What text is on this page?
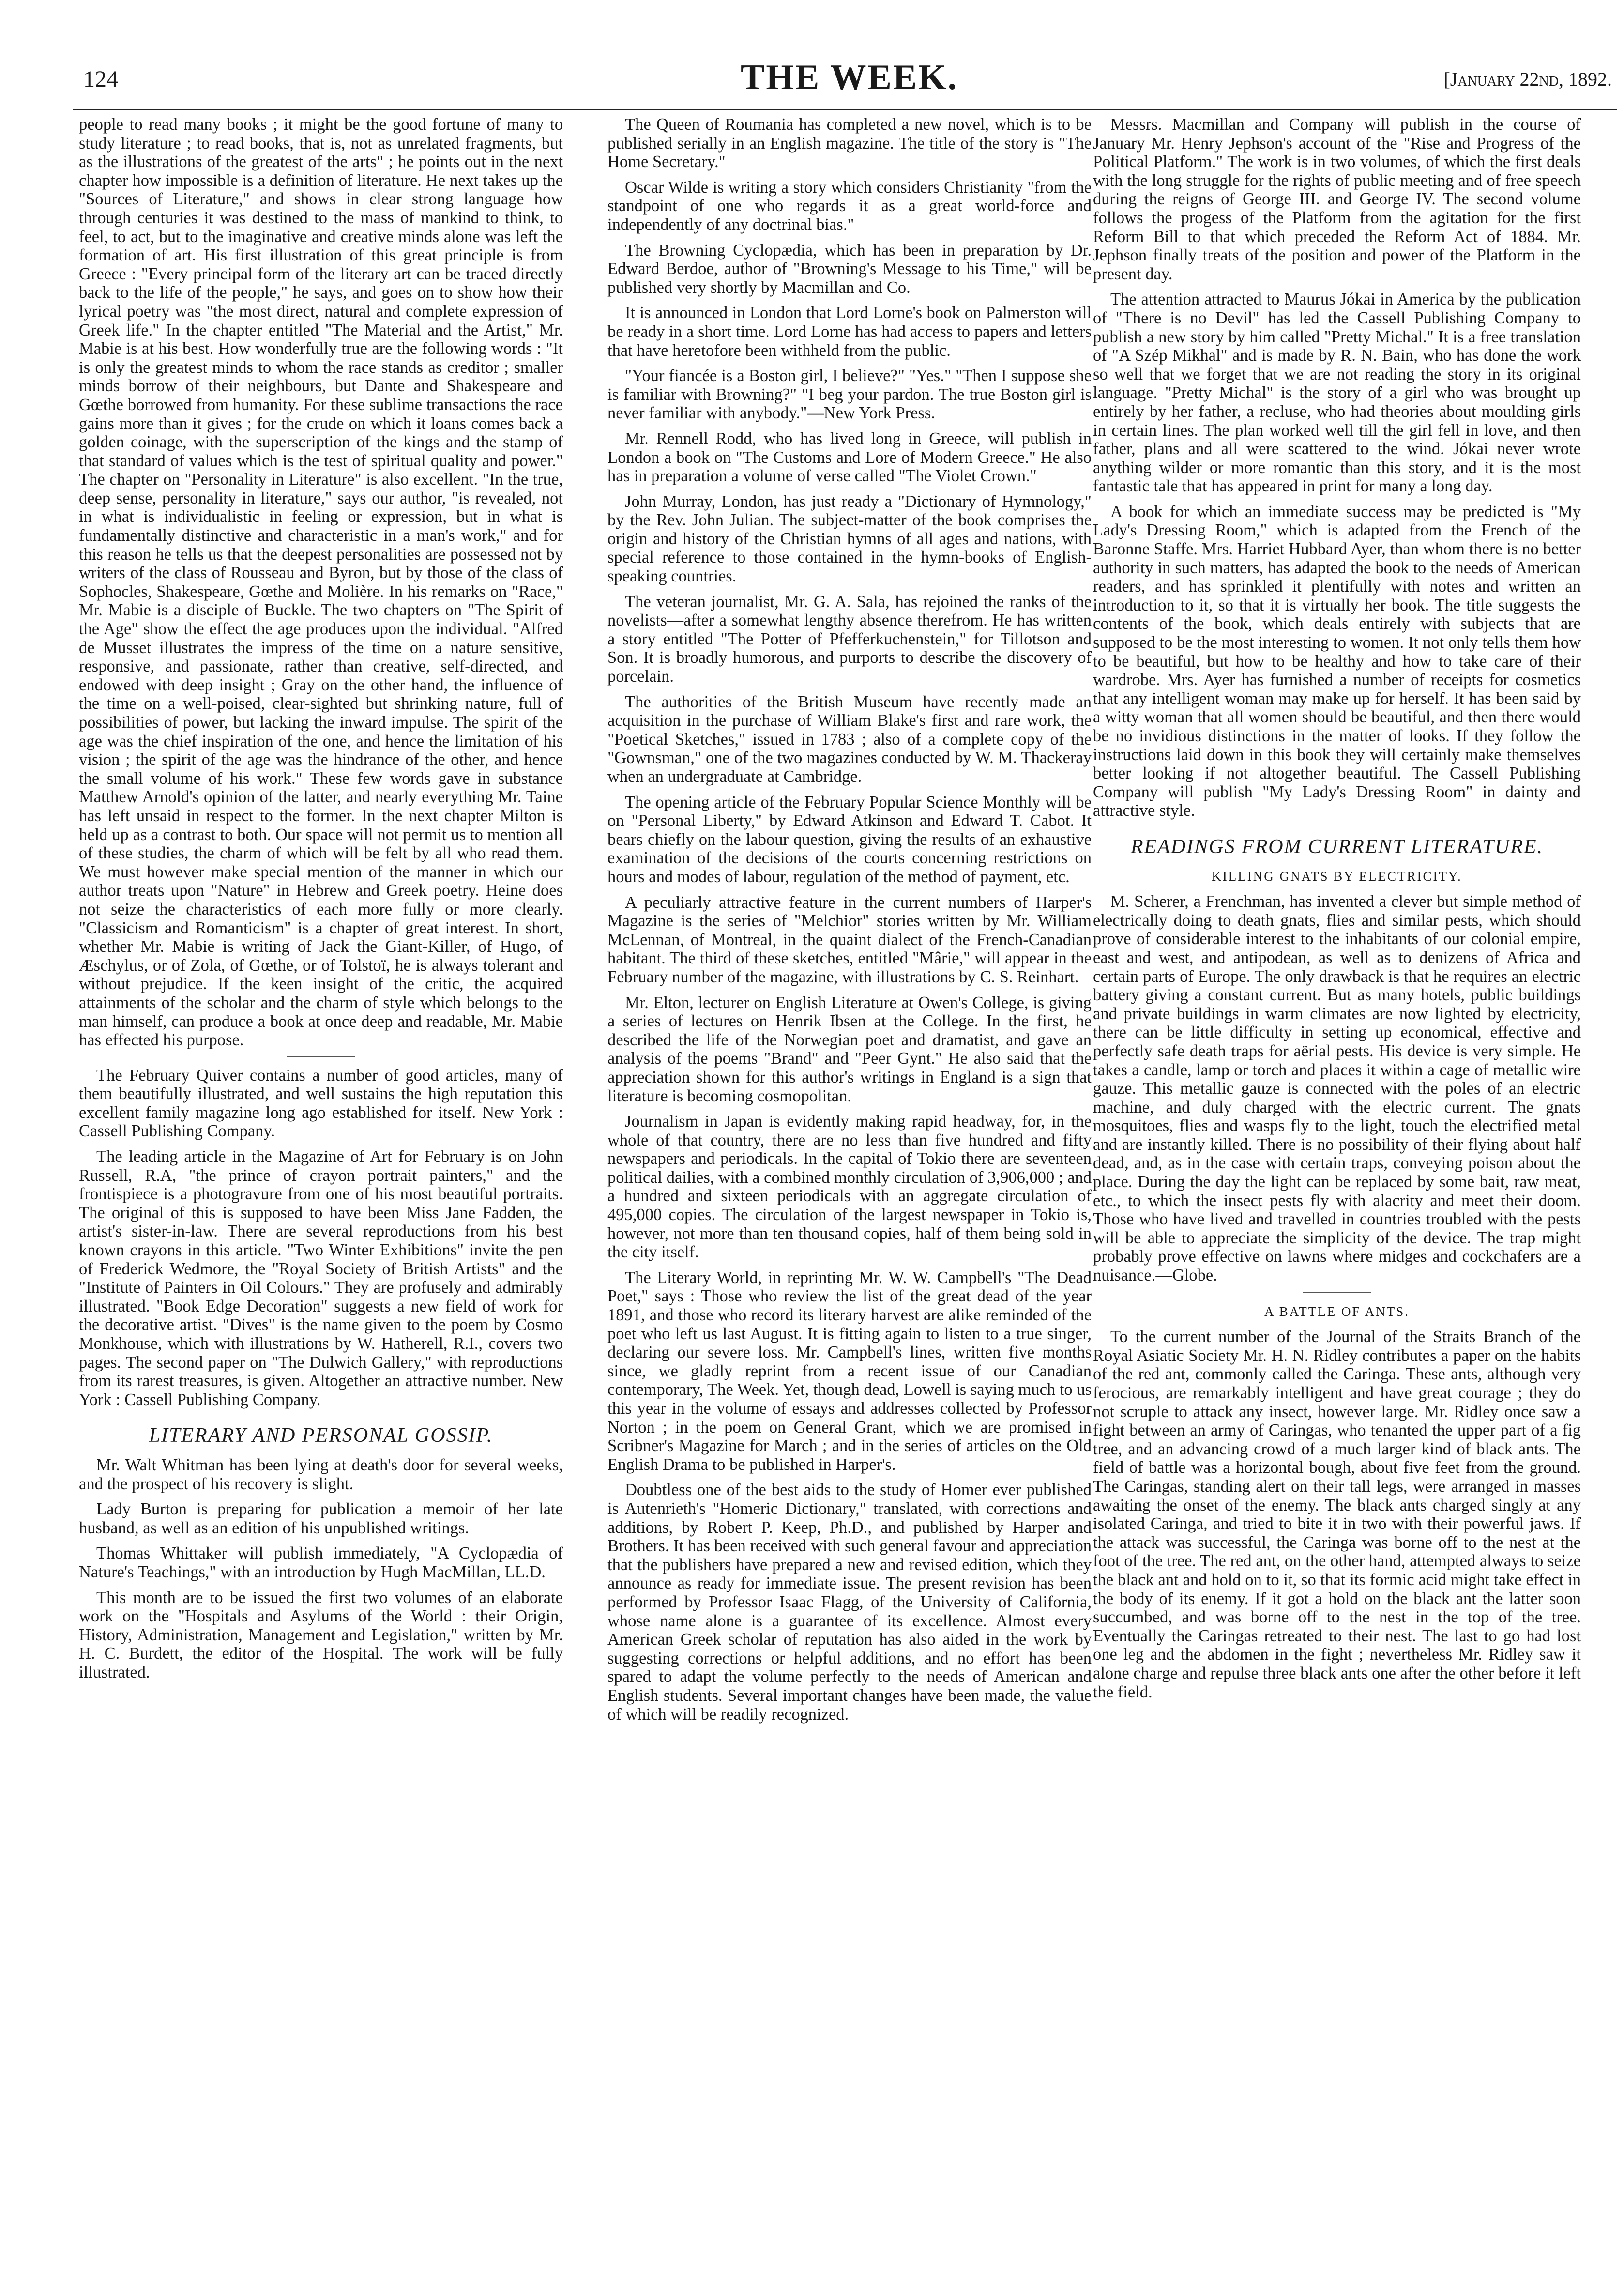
124	THE WEEK.	[January 22nd, 1892.

people to read many books ; it might be the good fortune of many to study literature ; to read books, that is, not as unrelated fragments, but as the illustrations of the greatest of the arts" ; he points out in the next chapter how impossible is a definition of literature. He next takes up the "Sources of Literature," and shows in clear strong language how through centuries it was destined to the mass of mankind to think, to feel, to act, but to the imaginative and creative minds alone was left the formation of art. His first illustration of this great principle is from Greece : "Every principal form of the literary art can be traced directly back to the life of the people," he says, and goes on to show how their lyrical poetry was "the most direct, natural and complete expression of Greek life." In the chapter entitled "The Material and the Artist," Mr. Mabie is at his best. How wonderfully true are the following words : "It is only the greatest minds to whom the race stands as creditor ; smaller minds borrow of their neighbours, but Dante and Shakespeare and Gœthe borrowed from humanity. For these sublime transactions the race gains more than it gives ; for the crude on which it loans comes back a golden coinage, with the superscription of the kings and the stamp of that standard of values which is the test of spiritual quality and power." The chapter on "Personality in Literature" is also excellent. "In the true, deep sense, personality in literature," says our author, "is revealed, not in what is individualistic in feeling or expression, but in what is fundamentally distinctive and characteristic in a man's work," and for this reason he tells us that the deepest personalities are possessed not by writers of the class of Rousseau and Byron, but by those of the class of Sophocles, Shakespeare, Gœthe and Molière. In his remarks on "Race," Mr. Mabie is a disciple of Buckle. The two chapters on "The Spirit of the Age" show the effect the age produces upon the individual. "Alfred de Musset illustrates the impress of the time on a nature sensitive, responsive, and passionate, rather than creative, self-directed, and endowed with deep insight ; Gray on the other hand, the influence of the time on a well-poised, clear-sighted but shrinking nature, full of possibilities of power, but lacking the inward impulse. The spirit of the age was the chief inspiration of the one, and hence the limitation of his vision ; the spirit of the age was the hindrance of the other, and hence the small volume of his work." These few words gave in substance Matthew Arnold's opinion of the latter, and nearly everything Mr. Taine has left unsaid in respect to the former. In the next chapter Milton is held up as a contrast to both. Our space will not permit us to mention all of these studies, the charm of which will be felt by all who read them. We must however make special mention of the manner in which our author treats upon "Nature" in Hebrew and Greek poetry. Heine does not seize the characteristics of each more fully or more clearly. "Classicism and Romanticism" is a chapter of great interest. In short, whether Mr. Mabie is writing of Jack the Giant-Killer, of Hugo, of Æschylus, or of Zola, of Gœthe, or of Tolstoï, he is always tolerant and without prejudice. If the keen insight of the critic, the acquired attainments of the scholar and the charm of style which belongs to the man himself, can produce a book at once deep and readable, Mr. Mabie has effected his purpose.

The February Quiver contains a number of good articles, many of them beautifully illustrated, and well sustains the high reputation this excellent family magazine long ago established for itself. New York : Cassell Publishing Company.

The leading article in the Magazine of Art for February is on John Russell, R.A, "the prince of crayon portrait painters," and the frontispiece is a photogravure from one of his most beautiful portraits. The original of this is supposed to have been Miss Jane Fadden, the artist's sister-in-law. There are several reproductions from his best known crayons in this article. "Two Winter Exhibitions" invite the pen of Frederick Wedmore, the "Royal Society of British Artists" and the "Institute of Painters in Oil Colours." They are profusely and admirably illustrated. "Book Edge Decoration" suggests a new field of work for the decorative artist. "Dives" is the name given to the poem by Cosmo Monkhouse, which with illustrations by W. Hatherell, R.I., covers two pages. The second paper on "The Dulwich Gallery," with reproductions from its rarest treasures, is given. Altogether an attractive number. New York : Cassell Publishing Company.

LITERARY AND PERSONAL GOSSIP.

Mr. Walt Whitman has been lying at death's door for several weeks, and the prospect of his recovery is slight.

Lady Burton is preparing for publication a memoir of her late husband, as well as an edition of his unpublished writings.

Thomas Whittaker will publish immediately, "A Cyclopædia of Nature's Teachings," with an introduction by Hugh MacMillan, LL.D.

This month are to be issued the first two volumes of an elaborate work on the "Hospitals and Asylums of the World : their Origin, History, Administration, Management and Legislation," written by Mr. H. C. Burdett, the editor of the Hospital. The work will be fully illustrated.

The Queen of Roumania has completed a new novel, which is to be published serially in an English magazine. The title of the story is "The Home Secretary."

Oscar Wilde is writing a story which considers Christianity "from the standpoint of one who regards it as a great world-force and independently of any doctrinal bias."

The Browning Cyclopædia, which has been in preparation by Dr. Edward Berdoe, author of "Browning's Message to his Time," will be published very shortly by Macmillan and Co.

It is announced in London that Lord Lorne's book on Palmerston will be ready in a short time. Lord Lorne has had access to papers and letters that have heretofore been withheld from the public.

"Your fiancée is a Boston girl, I believe?" "Yes." "Then I suppose she is familiar with Browning?" "I beg your pardon. The true Boston girl is never familiar with anybody."—New York Press.

Mr. Rennell Rodd, who has lived long in Greece, will publish in London a book on "The Customs and Lore of Modern Greece." He also has in preparation a volume of verse called "The Violet Crown."

John Murray, London, has just ready a "Dictionary of Hymnology," by the Rev. John Julian. The subject-matter of the book comprises the origin and history of the Christian hymns of all ages and nations, with special reference to those contained in the hymn-books of English-speaking countries.

The veteran journalist, Mr. G. A. Sala, has rejoined the ranks of the novelists—after a somewhat lengthy absence therefrom. He has written a story entitled "The Potter of Pfefferkuchenstein," for Tillotson and Son. It is broadly humorous, and purports to describe the discovery of porcelain.

The authorities of the British Museum have recently made an acquisition in the purchase of William Blake's first and rare work, the "Poetical Sketches," issued in 1783 ; also of a complete copy of the "Gownsman," one of the two magazines conducted by W. M. Thackeray when an undergraduate at Cambridge.

The opening article of the February Popular Science Monthly will be on "Personal Liberty," by Edward Atkinson and Edward T. Cabot. It bears chiefly on the labour question, giving the results of an exhaustive examination of the decisions of the courts concerning restrictions on hours and modes of labour, regulation of the method of payment, etc.

A peculiarly attractive feature in the current numbers of Harper's Magazine is the series of "Melchior" stories written by Mr. William McLennan, of Montreal, in the quaint dialect of the French-Canadian habitant. The third of these sketches, entitled "Mârie," will appear in the February number of the magazine, with illustrations by C. S. Reinhart.

Mr. Elton, lecturer on English Literature at Owen's College, is giving a series of lectures on Henrik Ibsen at the College. In the first, he described the life of the Norwegian poet and dramatist, and gave an analysis of the poems "Brand" and "Peer Gynt." He also said that the appreciation shown for this author's writings in England is a sign that literature is becoming cosmopolitan.

Journalism in Japan is evidently making rapid headway, for, in the whole of that country, there are no less than five hundred and fifty newspapers and periodicals. In the capital of Tokio there are seventeen political dailies, with a combined monthly circulation of 3,906,000 ; and a hundred and sixteen periodicals with an aggregate circulation of 495,000 copies. The circulation of the largest newspaper in Tokio is, however, not more than ten thousand copies, half of them being sold in the city itself.

The Literary World, in reprinting Mr. W. W. Campbell's "The Dead Poet," says : Those who review the list of the great dead of the year 1891, and those who record its literary harvest are alike reminded of the poet who left us last August. It is fitting again to listen to a true singer, declaring our severe loss. Mr. Campbell's lines, written five months since, we gladly reprint from a recent issue of our Canadian contemporary, The Week. Yet, though dead, Lowell is saying much to us this year in the volume of essays and addresses collected by Professor Norton ; in the poem on General Grant, which we are promised in Scribner's Magazine for March ; and in the series of articles on the Old English Drama to be published in Harper's.

Doubtless one of the best aids to the study of Homer ever published is Autenrieth's "Homeric Dictionary," translated, with corrections and additions, by Robert P. Keep, Ph.D., and published by Harper and Brothers. It has been received with such general favour and appreciation that the publishers have prepared a new and revised edition, which they announce as ready for immediate issue. The present revision has been performed by Professor Isaac Flagg, of the University of California, whose name alone is a guarantee of its excellence. Almost every American Greek scholar of reputation has also aided in the work by suggesting corrections or helpful additions, and no effort has been spared to adapt the volume perfectly to the needs of American and English students. Several important changes have been made, the value of which will be readily recognized.

Messrs. Macmillan and Company will publish in the course of January Mr. Henry Jephson's account of the "Rise and Progress of the Political Platform." The work is in two volumes, of which the first deals with the long struggle for the rights of public meeting and of free speech during the reigns of George III. and George IV. The second volume follows the progess of the Platform from the agitation for the first Reform Bill to that which preceded the Reform Act of 1884. Mr. Jephson finally treats of the position and power of the Platform in the present day.

The attention attracted to Maurus Jókai in America by the publication of "There is no Devil" has led the Cassell Publishing Company to publish a new story by him called "Pretty Michal." It is a free translation of "A Szép Mikhal" and is made by R. N. Bain, who has done the work so well that we forget that we are not reading the story in its original language. "Pretty Michal" is the story of a girl who was brought up entirely by her father, a recluse, who had theories about moulding girls in certain lines. The plan worked well till the girl fell in love, and then father, plans and all were scattered to the wind. Jókai never wrote anything wilder or more romantic than this story, and it is the most fantastic tale that has appeared in print for many a long day.

A book for which an immediate success may be predicted is "My Lady's Dressing Room," which is adapted from the French of the Baronne Staffe. Mrs. Harriet Hubbard Ayer, than whom there is no better authority in such matters, has adapted the book to the needs of American readers, and has sprinkled it plentifully with notes and written an introduction to it, so that it is virtually her book. The title suggests the contents of the book, which deals entirely with subjects that are supposed to be the most interesting to women. It not only tells them how to be beautiful, but how to be healthy and how to take care of their wardrobe. Mrs. Ayer has furnished a number of receipts for cosmetics that any intelligent woman may make up for herself. It has been said by a witty woman that all women should be beautiful, and then there would be no invidious distinctions in the matter of looks. If they follow the instructions laid down in this book they will certainly make themselves better looking if not altogether beautiful. The Cassell Publishing Company will publish "My Lady's Dressing Room" in dainty and attractive style.

READINGS FROM CURRENT LITERATURE.
KILLING GNATS BY ELECTRICITY.

M. Scherer, a Frenchman, has invented a clever but simple method of electrically doing to death gnats, flies and similar pests, which should prove of considerable interest to the inhabitants of our colonial empire, east and west, and antipodean, as well as to denizens of Africa and certain parts of Europe. The only drawback is that he requires an electric battery giving a constant current. But as many hotels, public buildings and private buildings in warm climates are now lighted by electricity, there can be little difficulty in setting up economical, effective and perfectly safe death traps for aërial pests. His device is very simple. He takes a candle, lamp or torch and places it within a cage of metallic wire gauze. This metallic gauze is connected with the poles of an electric machine, and duly charged with the electric current. The gnats mosquitoes, flies and wasps fly to the light, touch the electrified metal and are instantly killed. There is no possibility of their flying about half dead, and, as in the case with certain traps, conveying poison about the place. During the day the light can be replaced by some bait, raw meat, etc., to which the insect pests fly with alacrity and meet their doom. Those who have lived and travelled in countries troubled with the pests will be able to appreciate the simplicity of the device. The trap might probably prove effective on lawns where midges and cockchafers are a nuisance.—Globe.

A BATTLE OF ANTS.

To the current number of the Journal of the Straits Branch of the Royal Asiatic Society Mr. H. N. Ridley contributes a paper on the habits of the red ant, commonly called the Caringa. These ants, although very ferocious, are remarkably intelligent and have great courage ; they do not scruple to attack any insect, however large. Mr. Ridley once saw a fight between an army of Caringas, who tenanted the upper part of a fig tree, and an advancing crowd of a much larger kind of black ants. The field of battle was a horizontal bough, about five feet from the ground. The Caringas, standing alert on their tall legs, were arranged in masses awaiting the onset of the enemy. The black ants charged singly at any isolated Caringa, and tried to bite it in two with their powerful jaws. If the attack was successful, the Caringa was borne off to the nest at the foot of the tree. The red ant, on the other hand, attempted always to seize the black ant and hold on to it, so that its formic acid might take effect in the body of its enemy. If it got a hold on the black ant the latter soon succumbed, and was borne off to the nest in the top of the tree. Eventually the Caringas retreated to their nest. The last to go had lost one leg and the abdomen in the fight ; nevertheless Mr. Ridley saw it alone charge and repulse three black ants one after the other before it left the field.
